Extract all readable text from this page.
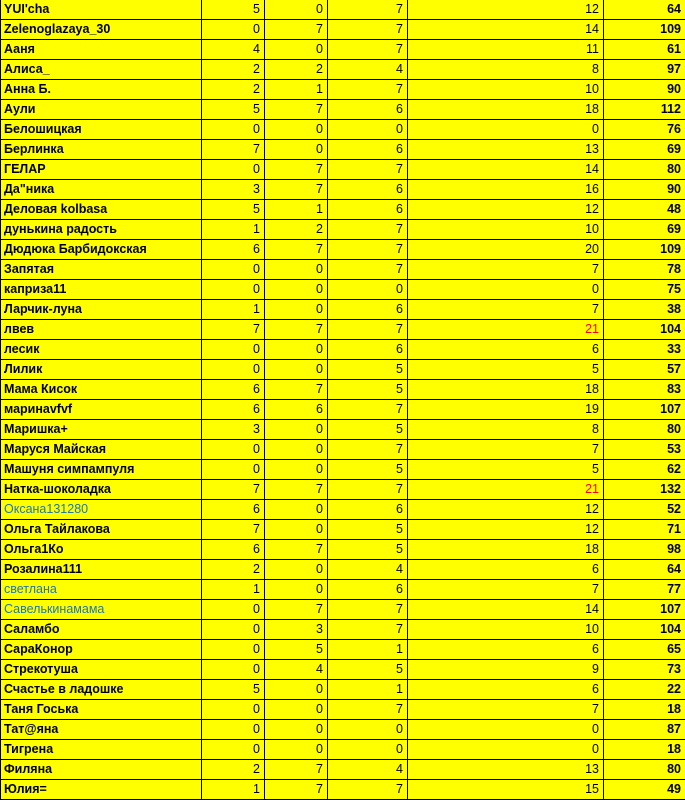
YUI'cha	5	0	7	12	64
Zelenoglazaya_30	0	7	7	14	109
Ааня	4	0	7	11	61
Алиса_	2	2	4	8	97
Анна Б.	2	1	7	10	90
Аули	5	7	6	18	112
Белошицкая	0	0	0	0	76
Берлинка	7	0	6	13	69
ГЕЛАР	0	7	7	14	80
Да"ника	3	7	6	16	90
Деловая kolbasa	5	1	6	12	48
дунькина радость	1	2	7	10	69
Дюдюка Барбидокская	6	7	7	20	109
Запятая	0	0	7	7	78
каприза11	0	0	0	0	75
Ларчик-луна	1	0	6	7	38
лвев	7	7	7	21	104
лесик	0	0	6	6	33
Лилик	0	0	5	5	57
Мама Кисок	6	7	5	18	83
маринаvfvf	6	6	7	19	107
Маришка+	3	0	5	8	80
Маруся Майская	0	0	7	7	53
Машуня симпампуля	0	0	5	5	62
Натка-шоколадка	7	7	7	21	132
Оксана131280	6	0	6	12	52
Ольга Тайлакова	7	0	5	12	71
Ольга1Ко	6	7	5	18	98
Розалина111	2	0	4	6	64
светлана	1	0	6	7	77
Савелькинамама	0	7	7	14	107
Саламбо	0	3	7	10	104
СараКонор	0	5	1	6	65
Стрекотуша	0	4	5	9	73
Счастье в ладошке	5	0	1	6	22
Таня Госька	0	0	7	7	18
Тат@яна	0	0	0	0	87
Тигрена	0	0	0	0	18
Филяна	2	7	4	13	80
Юлия=	1	7	7	15	49
